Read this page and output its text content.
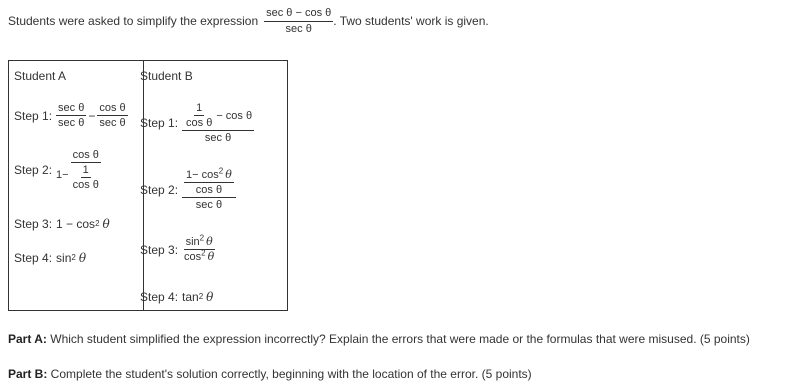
Students were asked to simplify the expression $\frac{\text{sec θ − cos θ}}{\text{sec θ}}$ . Two students' work is given.
Student A
Step 1: $\frac{\text{sec θ}}{\text{sec θ}} - \frac{\text{cos θ}}{\text{sec θ}}$
Step 2: $1- \frac{\text{cos θ}}{\frac{1}{\text{cos θ}}}$
Step 3: 1 − cos 2 θ
Step 4: sin 2 θ
Student B
Step 1: $\frac{\frac{1}{\text{cos θ}} - \cos \theta}{\text{sec θ}}$
Step 2: $\frac{\frac{1- \cos^2 \theta}{\text{cos θ}}}{\text{sec θ}}$
Step 3: $\frac{\sin^2 \theta}{\cos^2 \theta}$
Step 4: tan 2 θ
Part A: Which student simplified the expression incorrectly? Explain the errors that were made or the formulas that were misused. (5 points)
Part B: Complete the student's solution correctly, beginning with the location of the error. (5 points)
